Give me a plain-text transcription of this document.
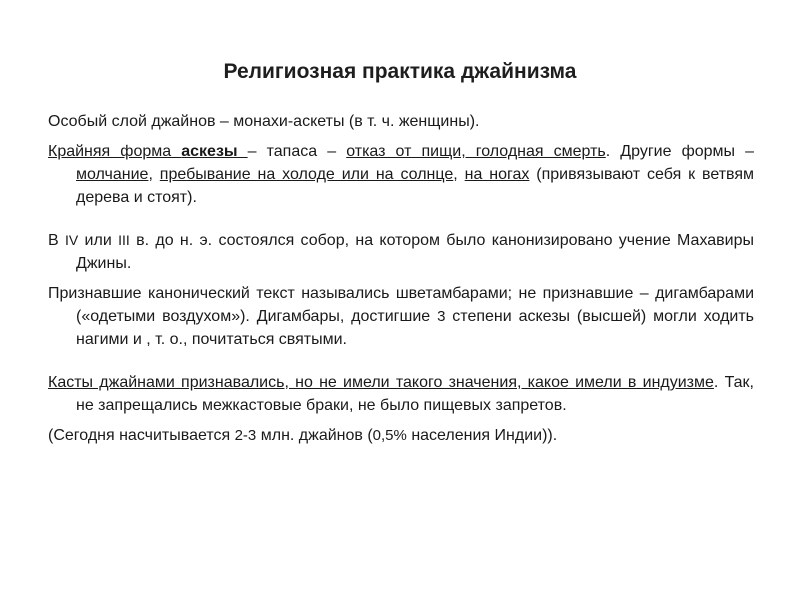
Религиозная практика джайнизма

Особый слой джайнов – монахи-аскеты (в т. ч. женщины).

Крайняя форма аскезы – тапаса – отказ от пищи, голодная смерть. Другие формы – молчание, пребывание на холоде или на солнце, на ногах (привязывают себя к ветвям дерева и стоят).

В IV или III в. до н. э. состоялся собор, на котором было канонизировано учение Махавиры Джины.

Признавшие канонический текст назывались шветамбарами; не признавшие – дигамбарами («одетыми воздухом»). Дигамбары, достигшие 3 степени аскезы (высшей) могли ходить нагими и , т. о., почитаться святыми.

Касты джайнами признавались, но не имели такого значения, какое имели в индуизме. Так, не запрещались межкастовые браки, не было пищевых запретов.

(Сегодня насчитывается 2-3 млн. джайнов (0,5% населения Индии)).
